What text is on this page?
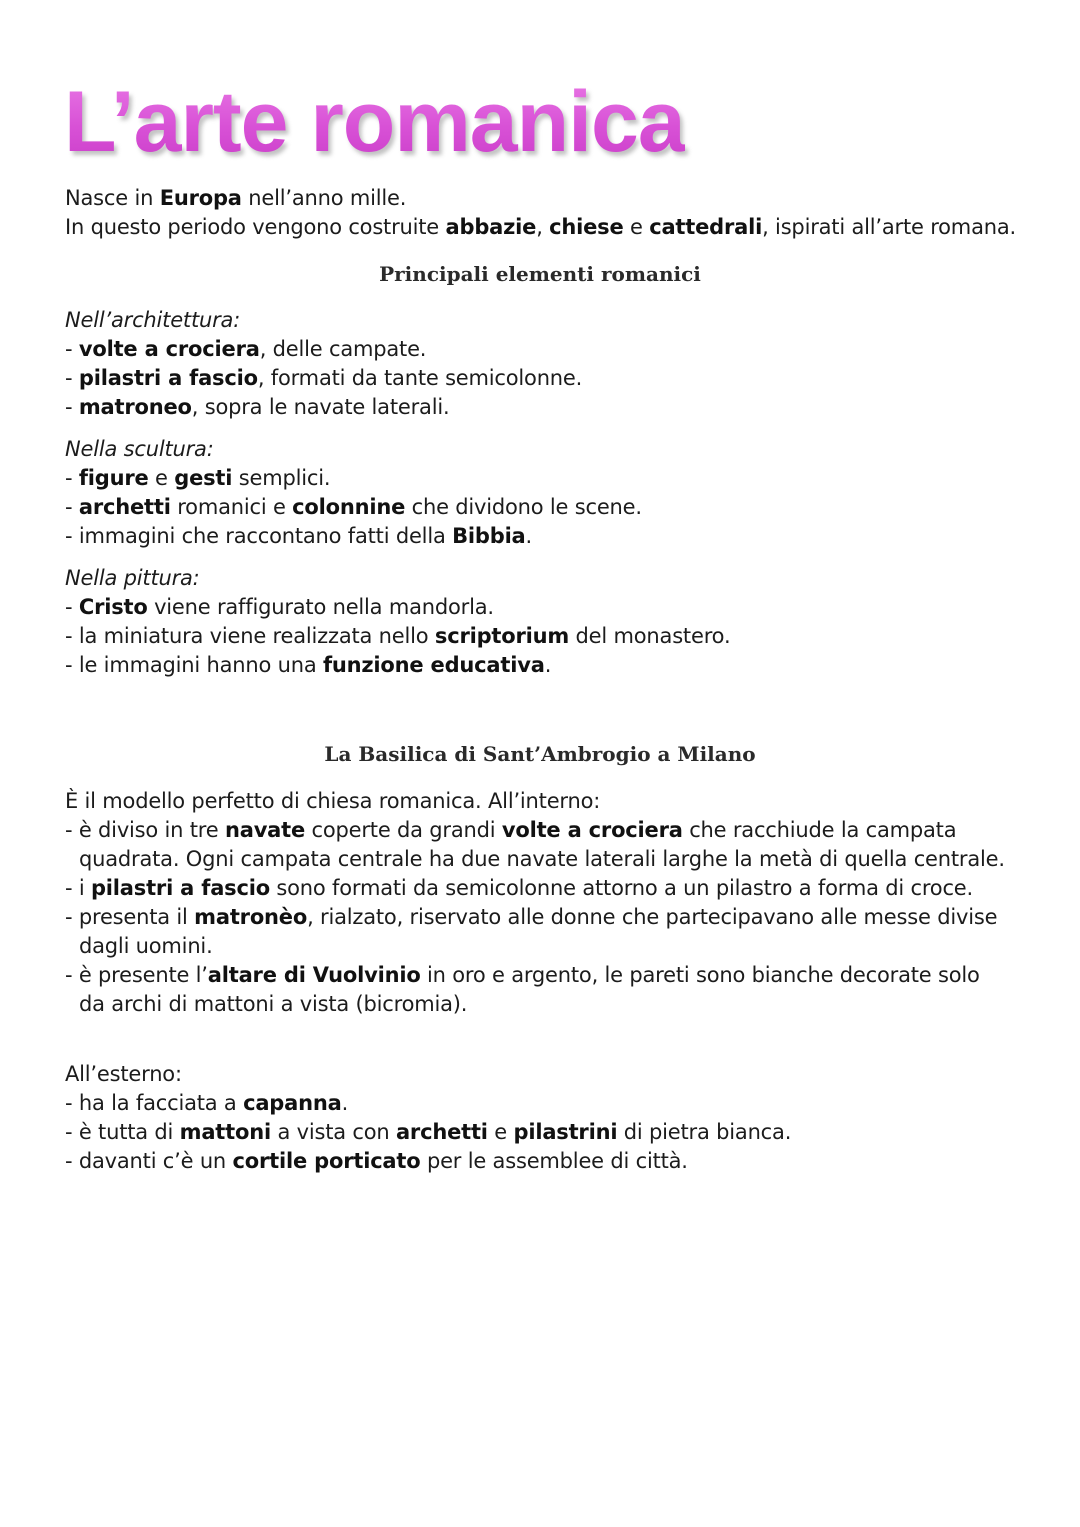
L’arte romanica

Nasce in Europa nell’anno mille.

In questo periodo vengono costruite abbazie, chiese e cattedrali, ispirati all’arte romana.

Principali elementi romanici

Nell’architettura:

- volte a crociera, delle campate.
- pilastri a fascio, formati da tante semicolonne.
- matroneo, sopra le navate laterali.

Nella scultura:

- figure e gesti semplici.
- archetti romanici e colonnine che dividono le scene.
- immagini che raccontano fatti della Bibbia.

Nella pittura:

- Cristo viene raffigurato nella mandorla.
- la miniatura viene realizzata nello scriptorium del monastero.
- le immagini hanno una funzione educativa.
La Basilica di Sant’Ambrogio a Milano

È il modello perfetto di chiesa romanica. All’interno:

- è diviso in tre navate coperte da grandi volte a crociera che racchiude la campata quadrata. Ogni campata centrale ha due navate laterali larghe la metà di quella centrale.
- i pilastri a fascio sono formati da semicolonne attorno a un pilastro a forma di croce.
- presenta il matronèo, rialzato, riservato alle donne che partecipavano alle messe divise dagli uomini.
- è presente l’altare di Vuolvinio in oro e argento, le pareti sono bianche decorate solo da archi di mattoni a vista (bicromia).

All’esterno:

- ha la facciata a capanna.
- è tutta di mattoni a vista con archetti e pilastrini di pietra bianca.
- davanti c’è un cortile porticato per le assemblee di città.
